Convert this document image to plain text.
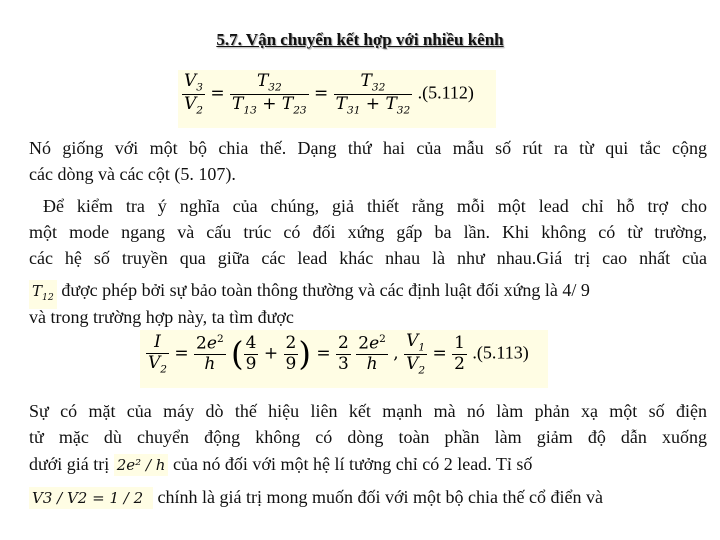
5.7. Vận chuyển kết hợp với nhiều kênh
$\frac{V_3}{V_2} = \frac{T_{32}}{T_{13} + T_{23}} = \frac{T_{32}}{T_{31} + T_{32}} .(5.112)$
Nó giống với một bộ chia thế. Dạng thứ hai của mẫu số rút ra từ qui tắc cộng
các dòng và các cột (5. 107).
Để kiểm tra ý nghĩa của chúng, giả thiết rằng mỗi một lead chỉ hỗ trợ cho
một mode ngang và cấu trúc có đối xứng gấp ba lần. Khi không có từ trường,
các hệ số truyền qua giữa các lead khác nhau là như nhau.Giá trị cao nhất của
$T_{12}$ được phép bởi sự bảo toàn thông thường và các định luật đối xứng là 4/ 9
và trong trường hợp này, ta tìm được
$\frac{I}{V_2} = \frac{2e^2}{h}$ ( $\frac{4}{9} + \frac{2}{9}$ ) = $\frac{2}{3}$
$\frac{2e^2}{h}$ , $\frac{V_1}{V_2} = \frac{1}{2} .(5.113)$
Sự có mặt của máy dò thế hiệu liên kết mạnh mà nó làm phản xạ một số điện
tử mặc dù chuyển động không có dòng toàn phần làm giảm độ dẫn xuống
dưới giá trị 2e² / h của nó đối với một hệ lí tưởng chỉ có 2 lead. Tỉ số
V3 / V2 = 1 / 2 chính là giá trị mong muốn đối với một bộ chia thế cổ điển và
